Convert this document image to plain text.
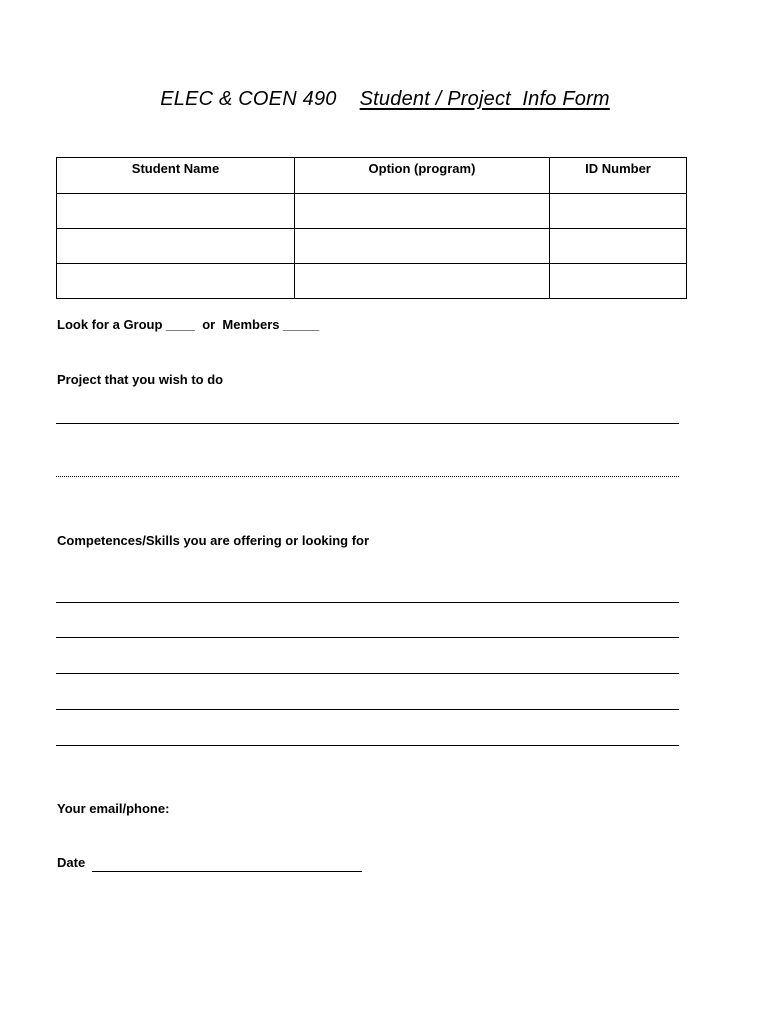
ELEC & COEN 490 Student / Project  Info Form
Student Name	Option (program)	ID Number

Look for a Group ____  or  Members _____
Project that you wish to do
Competences/Skills you are offering or looking for
Your email/phone:
Date
